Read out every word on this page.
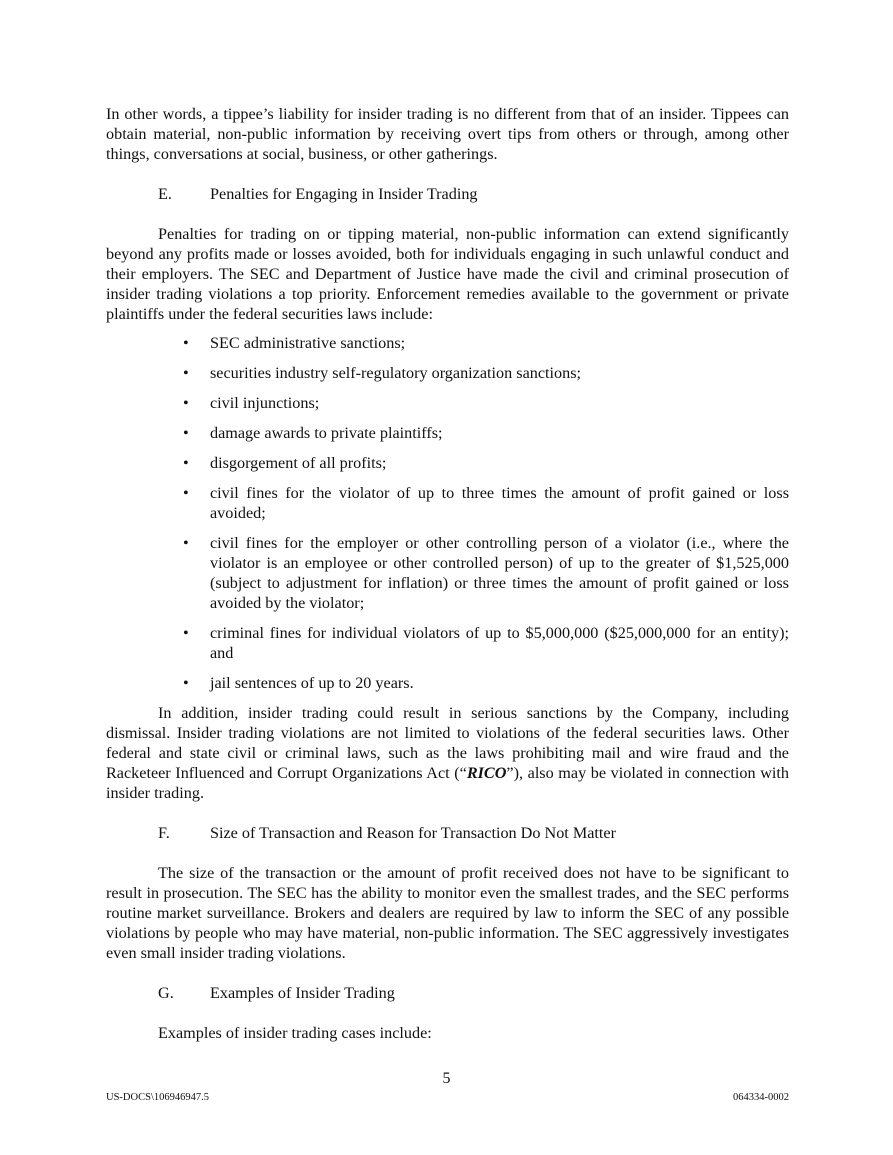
In other words, a tippee’s liability for insider trading is no different from that of an insider. Tippees can obtain material, non-public information by receiving overt tips from others or through, among other things, conversations at social, business, or other gatherings.

E.	Penalties for Engaging in Insider Trading

Penalties for trading on or tipping material, non-public information can extend significantly beyond any profits made or losses avoided, both for individuals engaging in such unlawful conduct and their employers. The SEC and Department of Justice have made the civil and criminal prosecution of insider trading violations a top priority. Enforcement remedies available to the government or private plaintiffs under the federal securities laws include:

• SEC administrative sanctions;
• securities industry self-regulatory organization sanctions;
• civil injunctions;
• damage awards to private plaintiffs;
• disgorgement of all profits;
• civil fines for the violator of up to three times the amount of profit gained or loss avoided;
• civil fines for the employer or other controlling person of a violator (i.e., where the violator is an employee or other controlled person) of up to the greater of $1,525,000 (subject to adjustment for inflation) or three times the amount of profit gained or loss avoided by the violator;
• criminal fines for individual violators of up to $5,000,000 ($25,000,000 for an entity); and
• jail sentences of up to 20 years.

In addition, insider trading could result in serious sanctions by the Company, including dismissal. Insider trading violations are not limited to violations of the federal securities laws. Other federal and state civil or criminal laws, such as the laws prohibiting mail and wire fraud and the Racketeer Influenced and Corrupt Organizations Act (“RICO”), also may be violated in connection with insider trading.

F.	Size of Transaction and Reason for Transaction Do Not Matter

The size of the transaction or the amount of profit received does not have to be significant to result in prosecution. The SEC has the ability to monitor even the smallest trades, and the SEC performs routine market surveillance. Brokers and dealers are required by law to inform the SEC of any possible violations by people who may have material, non-public information. The SEC aggressively investigates even small insider trading violations.

G.	Examples of Insider Trading

Examples of insider trading cases include:

5
US-DOCS\106946947.5	064334-0002
